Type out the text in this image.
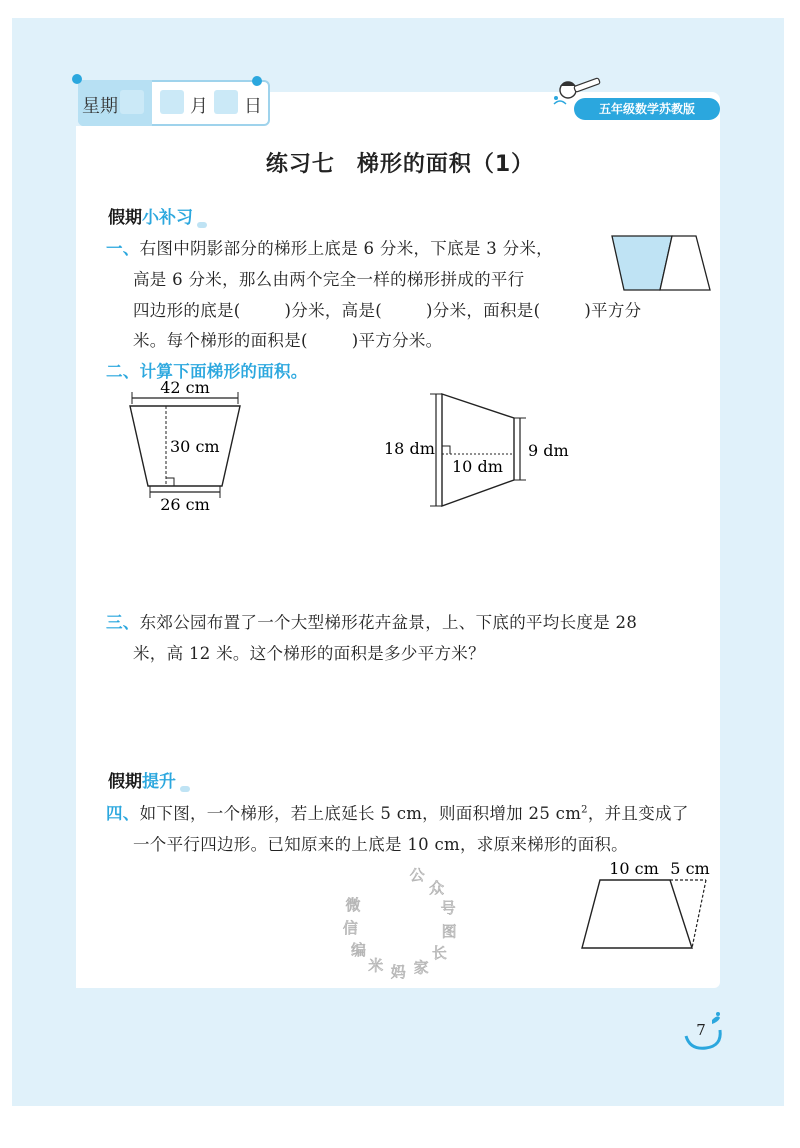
星期	月 日	五年级数学苏教版
练习七 梯形的面积（1）
假期小补习
一、右图中阴影部分的梯形上底是 6 分米，下底是 3 分米，
高是 6 分米，那么由两个完全一样的梯形拼成的平行
四边形的底是(	)分米，高是(	)分米，面积是(	)平方分
米。每个梯形的面积是(	)平方分米。
二、计算下面梯形的面积。
42 cm
30 cm
26 cm
18 dm
10 dm
9 dm
三、东郊公园布置了一个大型梯形花卉盆景，上、下底的平均长度是 28
米，高 12 米。这个梯形的面积是多少平方米？
假期提升
四、如下图，一个梯形，若上底延长 5 cm，则面积增加 25 $cm^2$，并且变成了
一个平行四边形。已知原来的上底是 10 cm，求原来梯形的面积。
10 cm 5 cm
公
众
号
图
长
家
妈
米
编
信
微
7
